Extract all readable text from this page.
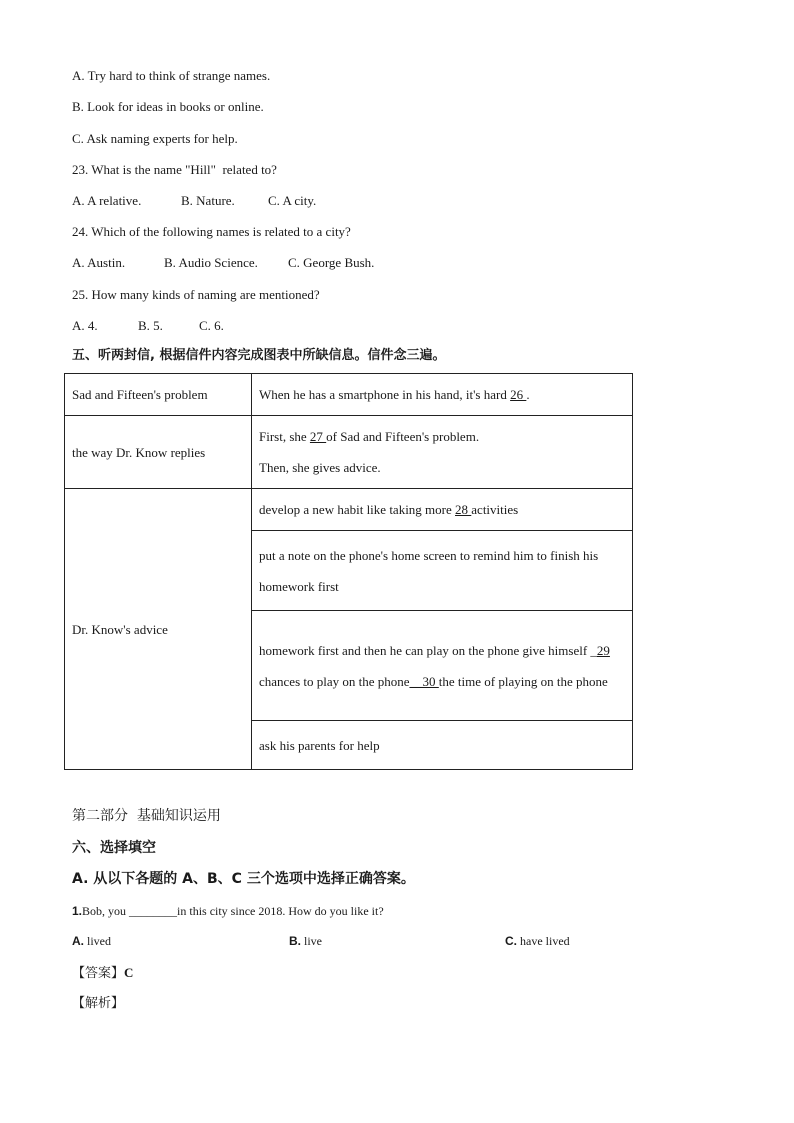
A. Try hard to think of strange names.
B. Look for ideas in books or online.
C. Ask naming experts for help.
23. What is the name "Hill"  related to?
A. A relative.	B. Nature.	C. A city.
24. Which of the following names is related to a city?
A. Austin.	B. Audio Science. C. George Bush.
25. How many kinds of naming are mentioned?
A. 4.	B. 5.	C. 6.
五、听两封信, 根据信件内容完成图表中所缺信息。信件念三遍。
Sad and Fifteen's problem	When he has a smartphone in his hand, it's hard 26 .
the way Dr. Know replies	First, she 27 of Sad and Fifteen's problem.
Then, she gives advice.

Dr. Know's advice	develop a new habit like taking more 28 activities
	put a note on the phone's home screen to remind him to finish his homework first
	homework first and then he can play on the phone give himself _29 chances to play on the phone__30 the time of playing on the phone
	ask his parents for help
第二部分  基础知识运用
六、选择填空
A. 从以下各题的 A、B、C 三个选项中选择正确答案。
1.Bob, you ________in this city since 2018. How do you like it?
A. lived	B. live	C. have lived
【答案】C
【解析】
